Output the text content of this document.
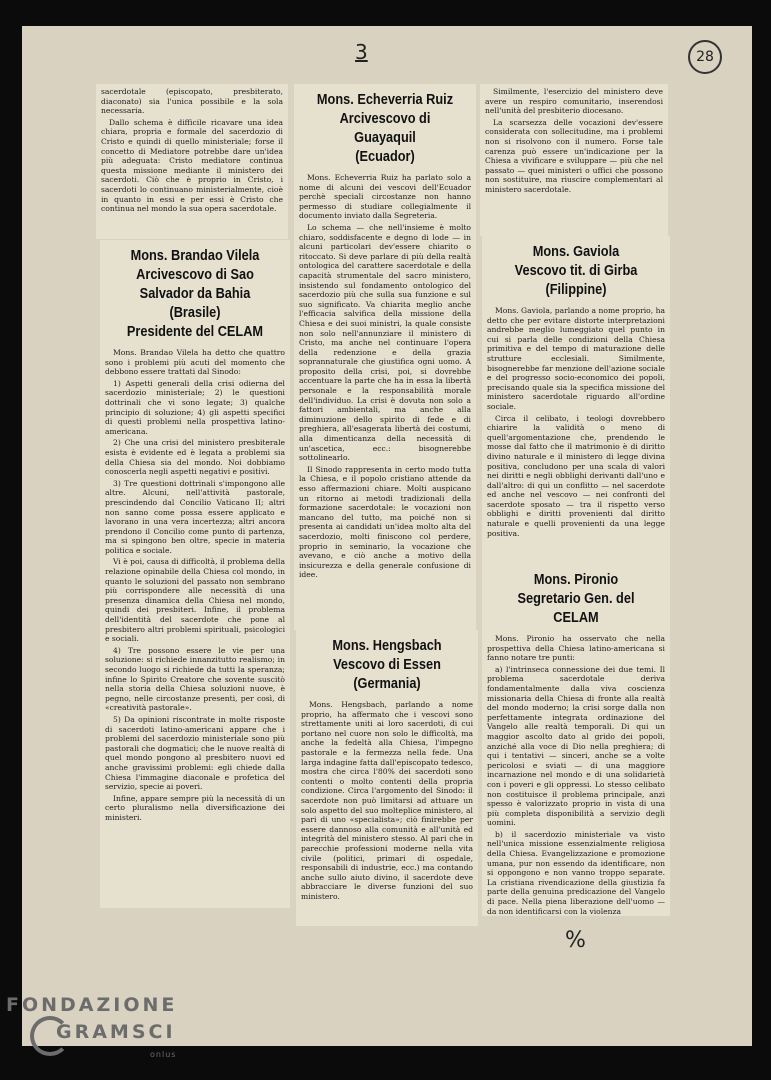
3	28
%

sacerdotale (episcopato, presbiterato, diaconato) sia l'unica possibile e la sola necessaria.

Dallo schema è difficile ricavare una idea chiara, propria e formale del sacerdozio di Cristo e quindi di quello ministeriale; forse il concetto di Mediatore potrebbe dare un'idea più adeguata: Cristo mediatore continua questa missione mediante il ministero dei sacerdoti. Ciò che è proprio in Cristo, i sacerdoti lo continuano ministerialmente, cioè in quanto in essi e per essi è Cristo che continua nel mondo la sua opera sacerdotale.

Mons. Brandao Vilela
Arcivescovo di Sao
Salvador da Bahia
(Brasile)
Presidente del CELAM

Mons. Brandao Vilela ha detto che quattro sono i problemi più acuti del momento che debbono essere trattati dal Sinodo:

1) Aspetti generali della crisi odierna del sacerdozio ministeriale; 2) le questioni dottrinali che vi sono legate; 3) qualche principio di soluzione; 4) gli aspetti specifici di questi problemi nella prospettiva latino-americana.

2) Che una crisi del ministero presbiterale esista è evidente ed è legata a problemi sia della Chiesa sia del mondo. Noi dobbiamo conoscerla negli aspetti negativi e positivi.

3) Tre questioni dottrinali s'impongono alle altre. Alcuni, nell'attività pastorale, prescindendo dal Concilio Vaticano II; altri non sanno come possa essere applicato e lavorano in una vera incertezza; altri ancora prendono il Concilio come punto di partenza, ma si spingono ben oltre, specie in materia politica e sociale.

Vi è poi, causa di difficoltà, il problema della relazione opinabile della Chiesa col mondo, in quanto le soluzioni del passato non sembrano più corrispondere alle necessità di una presenza dinamica della Chiesa nel mondo, quindi dei presbiteri. Infine, il problema dell'identità del sacerdote che pone al presbitero altri problemi spirituali, psicologici e sociali.

4) Tre possono essere le vie per una soluzione: si richiede innanzitutto realismo; in secondo luogo si richiede da tutti la speranza; infine lo Spirito Creatore che sovente suscitò nella storia della Chiesa soluzioni nuove, è pegno, nelle circostanze presenti, per così, di «creatività pastorale».

5) Da opinioni riscontrate in molte risposte di sacerdoti latino-americani appare che i problemi del sacerdozio ministeriale sono più pastorali che dogmatici; che le nuove realtà di quel mondo pongono al presbitero nuovi ed anche gravissimi problemi: egli chiede dalla Chiesa l'immagine diaconale e profetica del servizio, specie ai poveri.

Infine, appare sempre più la necessità di un certo pluralismo nella diversificazione dei ministeri.

Mons. Echeverria Ruiz
Arcivescovo di Guayaquil
(Ecuador)

Mons. Echeverria Ruiz ha parlato solo a nome di alcuni dei vescovi dell'Ecuador perchè speciali circostanze non hanno permesso di studiare collegialmente il documento inviato dalla Segreteria.

Lo schema — che nell'insieme è molto chiaro, soddisfacente e degno di lode — in alcuni particolari dev'essere chiarito o ritoccato. Si deve parlare di più della realtà ontologica del carattere sacerdotale e della capacità strumentale del sacro ministero, insistendo sul fondamento ontologico del sacerdozio più che sulla sua funzione e sul suo significato. Va chiarita meglio anche l'efficacia salvifica della missione della Chiesa e dei suoi ministri, la quale consiste non solo nell'annunziare il ministero di Cristo, ma anche nel continuare l'opera della redenzione e della grazia soprannaturale che giustifica ogni uomo. A proposito della crisi, poi, si dovrebbe accentuare la parte che ha in essa la libertà personale e la responsabilità morale dell'individuo. La crisi è dovuta non solo a fattori ambientali, ma anche alla diminuzione dello spirito di fede e di preghiera, all'esagerata libertà dei costumi, alla dimenticanza della necessità di un'ascetica, ecc.: bisognerebbe sottolinearlo.

Il Sinodo rappresenta in certo modo tutta la Chiesa, e il popolo cristiano attende da esso affermazioni chiare. Molti auspicano un ritorno ai metodi tradizionali della formazione sacerdotale: le vocazioni non mancano del tutto, ma poiché non si presenta ai candidati un'idea molto alta del sacerdozio, molti finiscono col perdere, proprio in seminario, la vocazione che avevano, e ciò anche a motivo della insicurezza e della generale confusione di idee.

Mons. Hengsbach
Vescovo di Essen
(Germania)

Mons. Hengsbach, parlando a nome proprio, ha affermato che i vescovi sono strettamente uniti ai loro sacerdoti, di cui portano nel cuore non solo le difficoltà, ma anche la fedeltà alla Chiesa, l'impegno pastorale e la fermezza nella fede. Una larga indagine fatta dall'episcopato tedesco, mostra che circa l'80% dei sacerdoti sono contenti o molto contenti della propria condizione. Circa l'argomento del Sinodo: il sacerdote non può limitarsi ad attuare un solo aspetto del suo molteplice ministero, al pari di uno «specialista»; ciò finirebbe per essere dannoso alla comunità e all'unità ed integrità del ministero stesso. Al pari che in parecchie professioni moderne nella vita civile (politici, primari di ospedale, responsabili di industrie, ecc.) ma contando anche sullo aiuto divino, il sacerdote deve abbracciare le diverse funzioni del suo ministero.

Similmente, l'esercizio del ministero deve avere un respiro comunitario, inserendosi nell'unità del presbiterio diocesano.

La scarsezza delle vocazioni dev'essere considerata con sollecitudine, ma i problemi non si risolvono con il numero. Forse tale carenza può essere un'indicazione per la Chiesa a vivificare e sviluppare — più che nel passato — quei ministeri o uffici che possono non sostituire, ma riuscire complementari al ministero sacerdotale.

Mons. Gaviola
Vescovo tit. di Girba
(Filippine)

Mons. Gaviola, parlando a nome proprio, ha detto che per evitare distorte interpretazioni andrebbe meglio lumeggiato quel punto in cui si parla delle condizioni della Chiesa primitiva e del tempo di maturazione delle strutture ecclesiali. Similmente, bisognerebbe far menzione dell'azione sociale e del progresso socio-economico dei popoli, precisando quale sia la specifica missione del ministero sacerdotale riguardo all'ordine sociale.

Circa il celibato, i teologi dovrebbero chiarire la validità o meno di quell'argomentazione che, prendendo le mosse dal fatto che il matrimonio è di diritto divino naturale e il ministero di legge divina positiva, concludono per una scala di valori nei diritti e negli obblighi derivanti dall'uno e dall'altro: di qui un conflitto — nel sacerdote ed anche nel vescovo — nei confronti del sacerdote sposato — tra il rispetto verso obblighi e diritti provenienti dal diritto naturale e quelli provenienti da una legge positiva.

Mons. Pironio
Segretario Gen. del CELAM

Mons. Pironio ha osservato che nella prospettiva della Chiesa latino-americana si fanno notare tre punti:

a) l'intrinseca connessione dei due temi. Il problema sacerdotale deriva fondamentalmente dalla viva coscienza missionaria della Chiesa di fronte alla realtà del mondo moderno; la crisi sorge dalla non perfettamente integrata ordinazione del Vangelo alle realtà temporali. Di qui un maggior ascolto dato al grido dei popoli, anziché alla voce di Dio nella preghiera; di qui i tentativi — sinceri, anche se a volte pericolosi e sviati — di una maggiore incarnazione nel mondo e di una solidarietà con i poveri e gli oppressi. Lo stesso celibato non costituisce il problema principale, anzi spesso è valorizzato proprio in vista di una più completa disponibilità a servizio degli uomini.

b) il sacerdozio ministeriale va visto nell'unica missione essenzialmente religiosa della Chiesa. Evangelizzazione e promozione umana, pur non essendo da identificare, non si oppongono e non vanno troppo separate. La cristiana rivendicazione della giustizia fa parte della genuina predicazione del Vangelo di pace. Nella piena liberazione dell'uomo — da non identificarsi con la violenza

FONDAZIONE
GRAMSCI
onlus
